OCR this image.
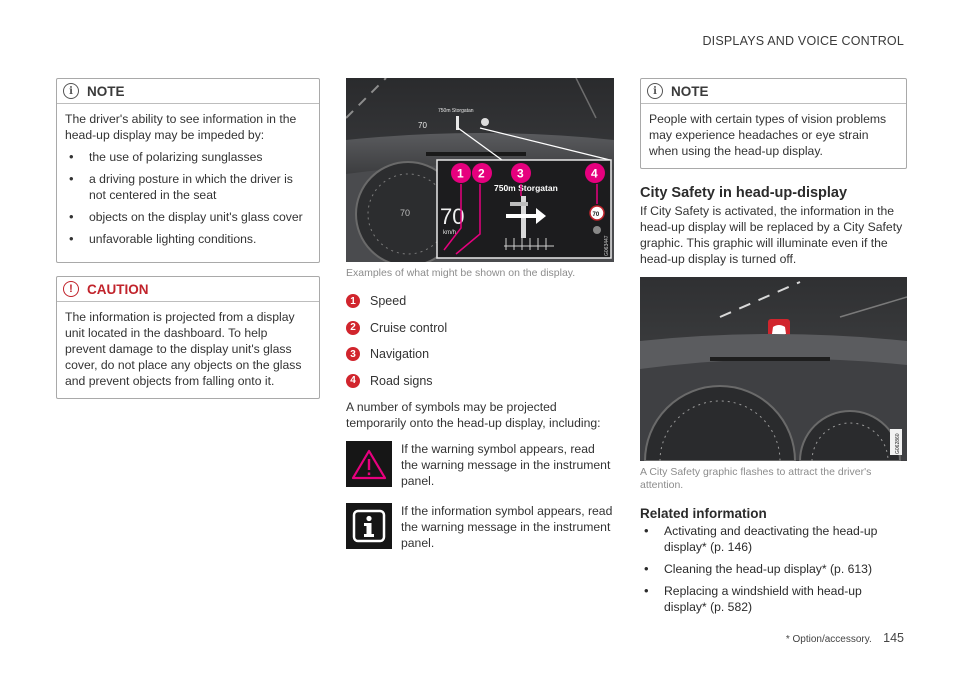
DISPLAYS AND VOICE CONTROL
i	NOTE
The driver's ability to see information in the head-up display may be impeded by:
• the use of polarizing sunglasses
• a driving posture in which the driver is not centered in the seat
• objects on the display unit's glass cover
• unfavorable lighting conditions.
!	CAUTION
The information is projected from a display unit located in the dashboard. To help prevent damage to the display unit's glass cover, do not place any objects on the glass and prevent objects from falling onto it.
750m Storgatan
70
70 70
km/h
750m Storgatan
70
1 2	3	4
G063447
Examples of what might be shown on the display.
1	Speed
2	Cruise control
3	Navigation
4	Road signs
A number of symbols may be projected temporarily onto the head-up display, including:
If the warning symbol appears, read the warning message in the instrument panel.
If the information symbol appears, read the warning message in the instrument panel.
i	NOTE
People with certain types of vision problems may experience headaches or eye strain when using the head-up display.
City Safety in head-up-display
If City Safety is activated, the information in the head-up display will be replaced by a City Safety graphic. This graphic will illuminate even if the head-up display is turned off.
G062860
A City Safety graphic flashes to attract the driver's attention.
Related information
• Activating and deactivating the head-up display* (p. 146)
• Cleaning the head-up display* (p. 613)
• Replacing a windshield with head-up display* (p. 582)
* Option/accessory. 145
